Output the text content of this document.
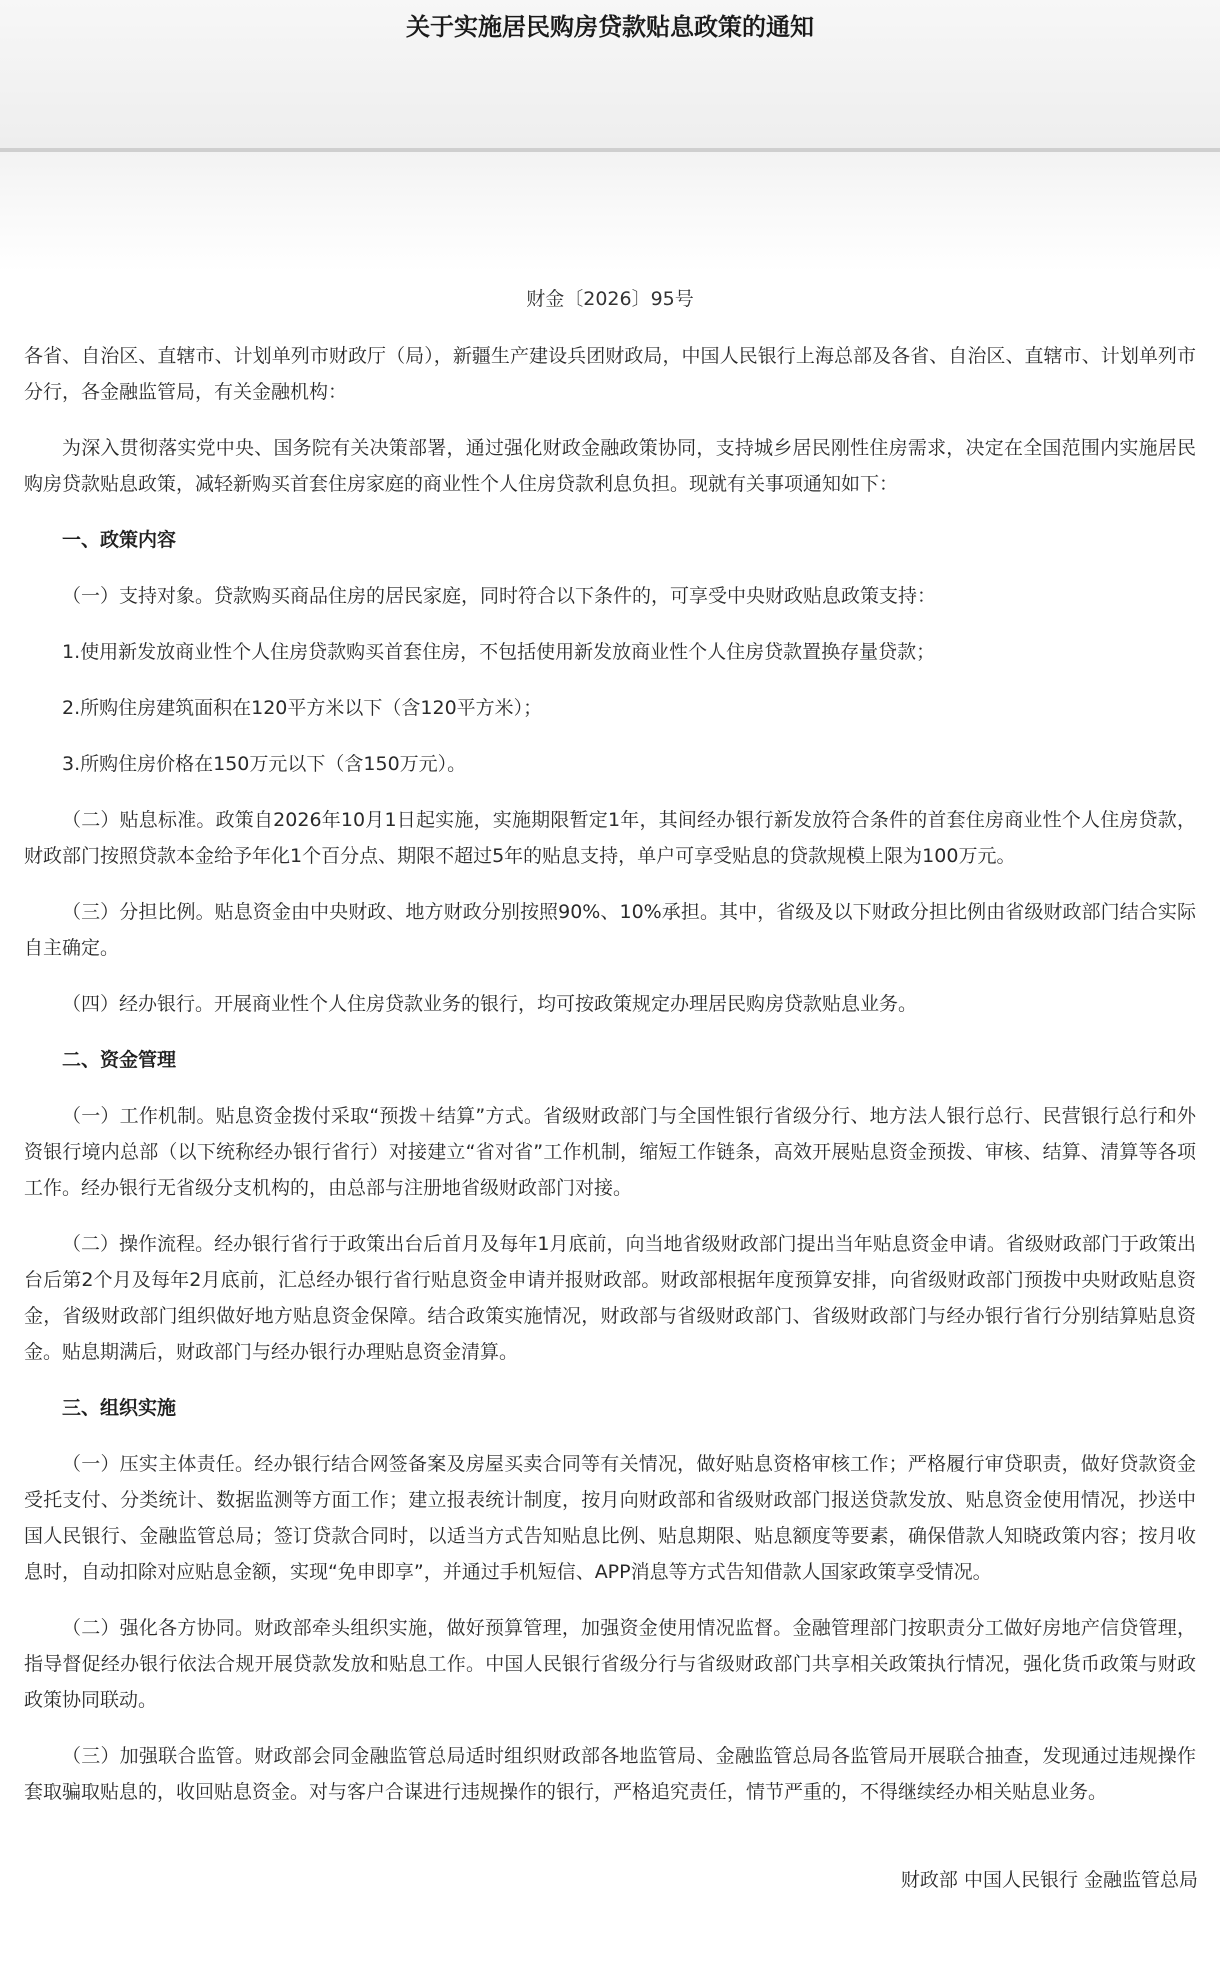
关于实施居民购房贷款贴息政策的通知
财金〔2026〕95号

各省、自治区、直辖市、计划单列市财政厅（局），新疆生产建设兵团财政局，中国人民银行上海总部及各省、自治区、直辖市、计划单列市分行，各金融监管局，有关金融机构：

为深入贯彻落实党中央、国务院有关决策部署，通过强化财政金融政策协同，支持城乡居民刚性住房需求，决定在全国范围内实施居民购房贷款贴息政策，减轻新购买首套住房家庭的商业性个人住房贷款利息负担。现就有关事项通知如下：

一、政策内容

（一）支持对象。贷款购买商品住房的居民家庭，同时符合以下条件的，可享受中央财政贴息政策支持：

1.使用新发放商业性个人住房贷款购买首套住房，不包括使用新发放商业性个人住房贷款置换存量贷款；

2.所购住房建筑面积在120平方米以下（含120平方米）；

3.所购住房价格在150万元以下（含150万元）。

（二）贴息标准。政策自2026年10月1日起实施，实施期限暂定1年，其间经办银行新发放符合条件的首套住房商业性个人住房贷款，财政部门按照贷款本金给予年化1个百分点、期限不超过5年的贴息支持，单户可享受贴息的贷款规模上限为100万元。

（三）分担比例。贴息资金由中央财政、地方财政分别按照90%、10%承担。其中，省级及以下财政分担比例由省级财政部门结合实际自主确定。

（四）经办银行。开展商业性个人住房贷款业务的银行，均可按政策规定办理居民购房贷款贴息业务。

二、资金管理

（一）工作机制。贴息资金拨付采取“预拨＋结算”方式。省级财政部门与全国性银行省级分行、地方法人银行总行、民营银行总行和外资银行境内总部（以下统称经办银行省行）对接建立“省对省”工作机制，缩短工作链条，高效开展贴息资金预拨、审核、结算、清算等各项工作。经办银行无省级分支机构的，由总部与注册地省级财政部门对接。

（二）操作流程。经办银行省行于政策出台后首月及每年1月底前，向当地省级财政部门提出当年贴息资金申请。省级财政部门于政策出台后第2个月及每年2月底前，汇总经办银行省行贴息资金申请并报财政部。财政部根据年度预算安排，向省级财政部门预拨中央财政贴息资金，省级财政部门组织做好地方贴息资金保障。结合政策实施情况，财政部与省级财政部门、省级财政部门与经办银行省行分别结算贴息资金。贴息期满后，财政部门与经办银行办理贴息资金清算。

三、组织实施

（一）压实主体责任。经办银行结合网签备案及房屋买卖合同等有关情况，做好贴息资格审核工作；严格履行审贷职责，做好贷款资金受托支付、分类统计、数据监测等方面工作；建立报表统计制度，按月向财政部和省级财政部门报送贷款发放、贴息资金使用情况，抄送中国人民银行、金融监管总局；签订贷款合同时，以适当方式告知贴息比例、贴息期限、贴息额度等要素，确保借款人知晓政策内容；按月收息时，自动扣除对应贴息金额，实现“免申即享”，并通过手机短信、APP消息等方式告知借款人国家政策享受情况。

（二）强化各方协同。财政部牵头组织实施，做好预算管理，加强资金使用情况监督。金融管理部门按职责分工做好房地产信贷管理，指导督促经办银行依法合规开展贷款发放和贴息工作。中国人民银行省级分行与省级财政部门共享相关政策执行情况，强化货币政策与财政政策协同联动。

（三）加强联合监管。财政部会同金融监管总局适时组织财政部各地监管局、金融监管总局各监管局开展联合抽查，发现通过违规操作套取骗取贴息的，收回贴息资金。对与客户合谋进行违规操作的银行，严格追究责任，情节严重的，不得继续经办相关贴息业务。

财政部 中国人民银行 金融监管总局
